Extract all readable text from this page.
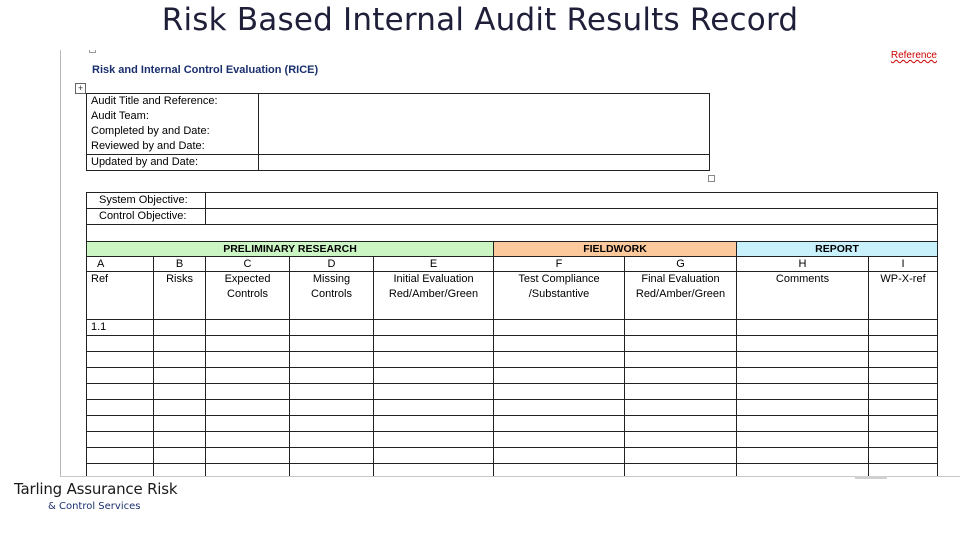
Risk Based Internal Audit Results Record
Reference
Risk and Internal Control Evaluation (RICE)
+
Audit Title and Reference:	
Audit Team:	
Completed by and Date:	
Reviewed by and Date:	
Updated by and Date:	
System Objective:								
Control Objective:								

PRELIMINARY RESEARCH					FIELDWORK		REPORT	
A	B	C	D	E	F	G	H	I
Ref	Risks	Expected Controls	Missing Controls	Initial Evaluation Red/Amber/Green	Test Compliance /Substantive	Final Evaluation Red/Amber/Green	Comments	WP-X-ref
1.1								

Tarling Assurance Risk
& Control Services
